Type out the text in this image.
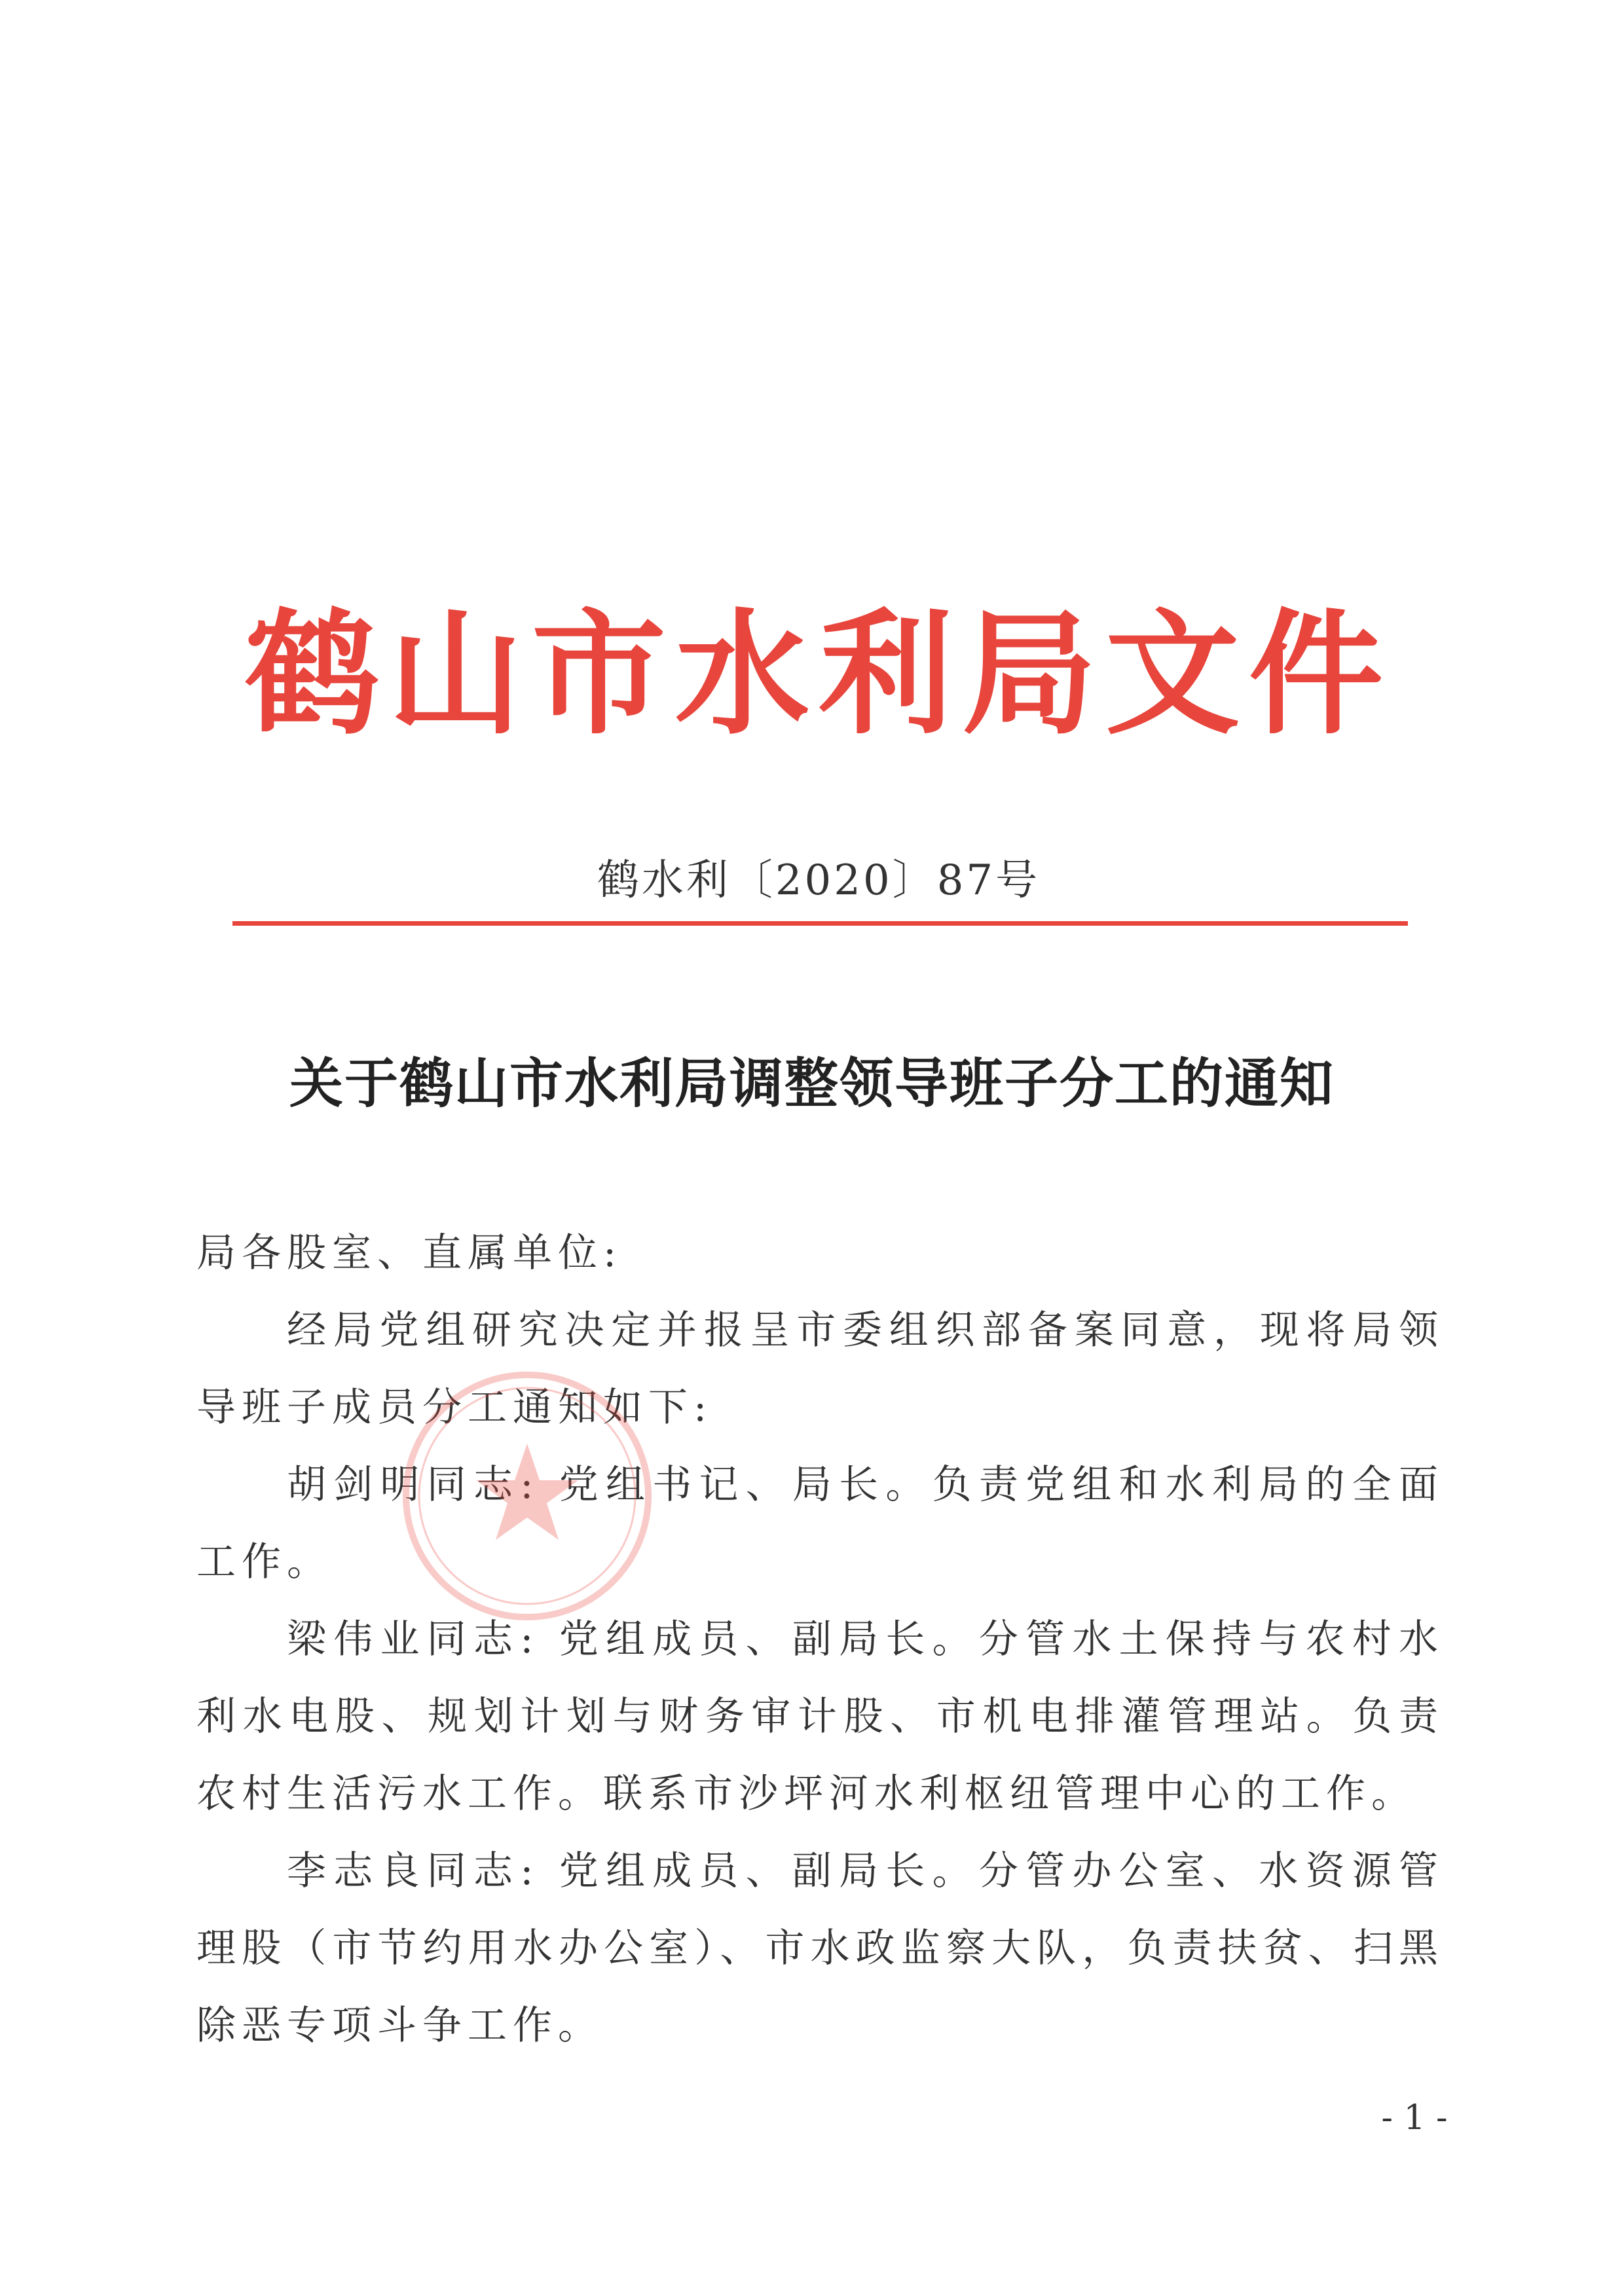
鹤山市水利局文件
鹤水利〔2020〕87号
关于鹤山市水利局调整领导班子分工的通知

局各股室、直属单位:

经局党组研究决定并报呈市委组织部备案同意，现将局领导班子成员分工通知如下:

胡剑明同志: 党组书记、局长。负责党组和水利局的全面工作。

梁伟业同志: 党组成员、副局长。分管水土保持与农村水利水电股、规划计划与财务审计股、市机电排灌管理站。负责农村生活污水工作。联系市沙坪河水利枢纽管理中心的工作。

李志良同志: 党组成员、副局长。分管办公室、水资源管理股（市节约用水办公室）、市水政监察大队，负责扶贫、扫黑除恶专项斗争工作。

- 1 -
